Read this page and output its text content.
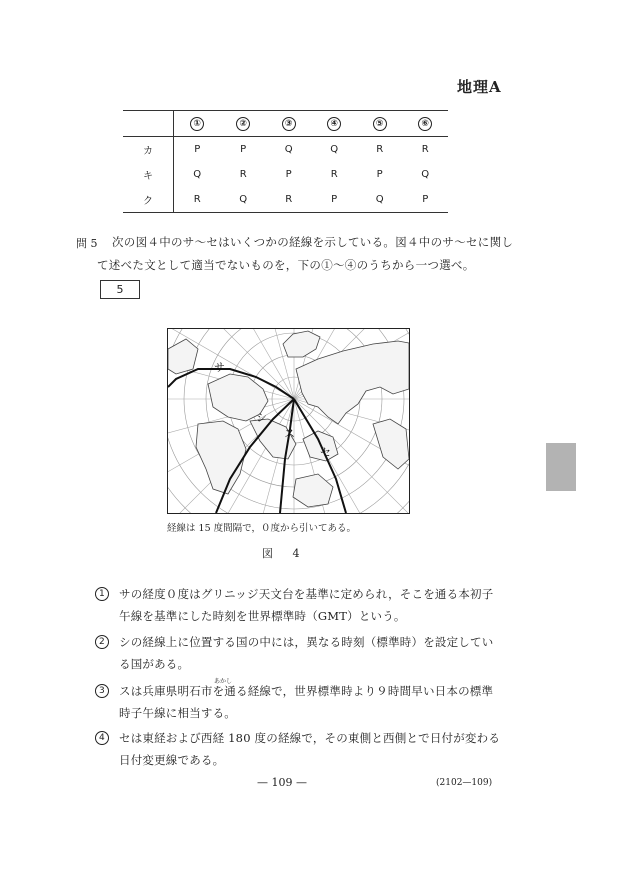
地理A
	①	②	③	④	⑤	⑥
カ	P	P	Q	Q	R	R
キ	Q	R	P	R	P	Q
ク	R	Q	R	P	Q	P
問 5 次の図４中のサ～セはいくつかの経線を示している。図４中のサ～セに関し
て述べた文として適当でないものを，下の①～④のうちから一つ選べ。
5
サ
シ
ス
セ
経線は 15 度間隔で，０度から引いてある。
図 4
あかし
1	サの経度０度はグリニッジ天文台を基準に定められ，そこを通る本初子午線を基準にした時刻を世界標準時（GMT）という。
2	シの経線上に位置する国の中には，異なる時刻（標準時）を設定している国がある。
3	スは兵庫県明石市を通る経線で，世界標準時より９時間早い日本の標準時子午線に相当する。
4	セは東経および西経 180 度の経線で，その東側と西側とで日付が変わる日付変更線である。
— 109 —	(2102—109)
